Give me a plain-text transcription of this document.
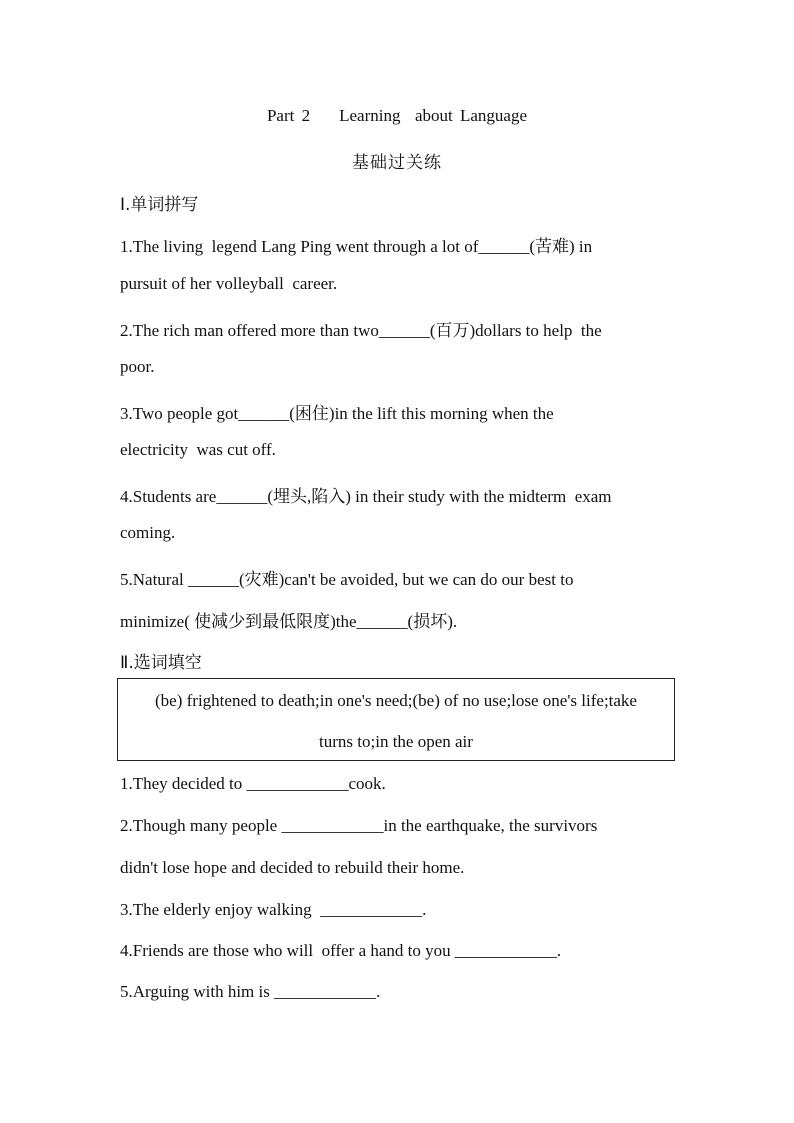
Part 2    Learning  about Language
基础过关练
Ⅰ.单词拼写
1.The living  legend Lang Ping went through a lot of______(苦难) in
pursuit of her volleyball  career.
2.The rich man offered more than two______(百万)dollars to help  the
poor.
3.Two people got______(困住)in the lift this morning when the
electricity  was cut off.
4.Students are______(埋头,陷入) in their study with the midterm  exam
coming.
5.Natural ______(灾难)can't be avoided, but we can do our best to
minimize( 使减少到最低限度)the______(损坏).
Ⅱ.选词填空
(be) frightened to death;in one's need;(be) of no use;lose one's life;take
turns to;in the open air
1.They decided to ____________cook.
2.Though many people ____________in the earthquake, the survivors
didn't lose hope and decided to rebuild their home.
3.The elderly enjoy walking  ____________.
4.Friends are those who will  offer a hand to you ____________.
5.Arguing with him is ____________.
